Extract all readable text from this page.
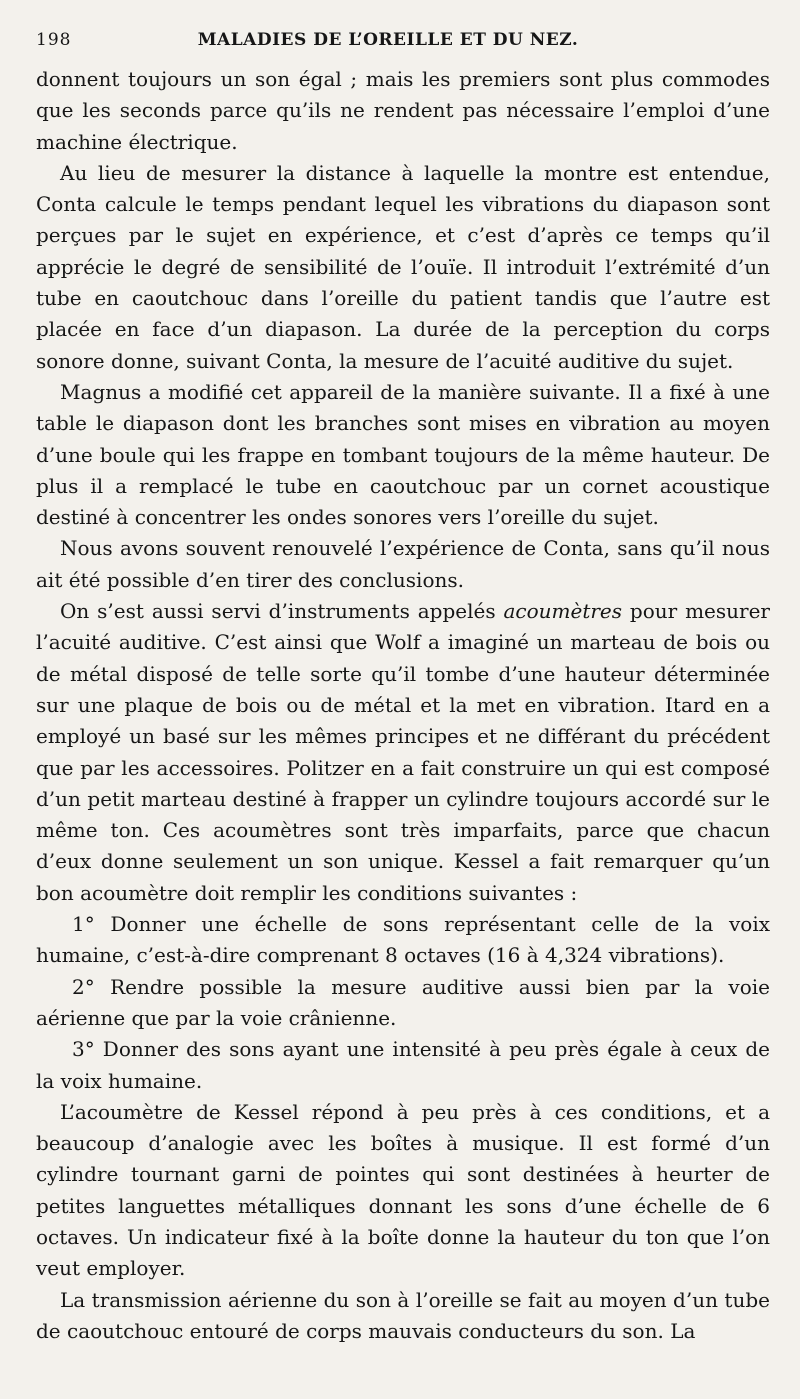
198	MALADIES DE L’OREILLE ET DU NEZ.

donnent toujours un son égal ; mais les premiers sont plus commodes que les seconds parce qu’ils ne rendent pas nécessaire l’emploi d’une machine électrique.

Au lieu de mesurer la distance à laquelle la montre est entendue, Conta calcule le temps pendant lequel les vibrations du diapason sont perçues par le sujet en expérience, et c’est d’après ce temps qu’il apprécie le degré de sensibilité de l’ouïe. Il introduit l’extrémité d’un tube en caoutchouc dans l’oreille du patient tandis que l’autre est placée en face d’un diapason. La durée de la perception du corps sonore donne, suivant Conta, la mesure de l’acuité auditive du sujet.

Magnus a modifié cet appareil de la manière suivante. Il a fixé à une table le diapason dont les branches sont mises en vibration au moyen d’une boule qui les frappe en tombant toujours de la même hauteur. De plus il a remplacé le tube en caoutchouc par un cornet acoustique destiné à concentrer les ondes sonores vers l’oreille du sujet.

Nous avons souvent renouvelé l’expérience de Conta, sans qu’il nous ait été possible d’en tirer des conclusions.

On s’est aussi servi d’instruments appelés acoumètres pour mesurer l’acuité auditive. C’est ainsi que Wolf a imaginé un marteau de bois ou de métal disposé de telle sorte qu’il tombe d’une hauteur déterminée sur une plaque de bois ou de métal et la met en vibration. Itard en a employé un basé sur les mêmes principes et ne différant du précédent que par les accessoires. Politzer en a fait construire un qui est composé d’un petit marteau destiné à frapper un cylindre toujours accordé sur le même ton. Ces acoumètres sont très imparfaits, parce que chacun d’eux donne seulement un son unique. Kessel a fait remarquer qu’un bon acoumètre doit remplir les conditions suivantes :

1° Donner une échelle de sons représentant celle de la voix humaine, c’est-à-dire comprenant 8 octaves (16 à 4,324 vibrations).

2° Rendre possible la mesure auditive aussi bien par la voie aérienne que par la voie crânienne.

3° Donner des sons ayant une intensité à peu près égale à ceux de la voix humaine.

L’acoumètre de Kessel répond à peu près à ces conditions, et a beaucoup d’analogie avec les boîtes à musique. Il est formé d’un cylindre tournant garni de pointes qui sont destinées à heurter de petites languettes métalliques donnant les sons d’une échelle de 6 octaves. Un indicateur fixé à la boîte donne la hauteur du ton que l’on veut employer.

La transmission aérienne du son à l’oreille se fait au moyen d’un tube de caoutchouc entouré de corps mauvais conducteurs du son. La
